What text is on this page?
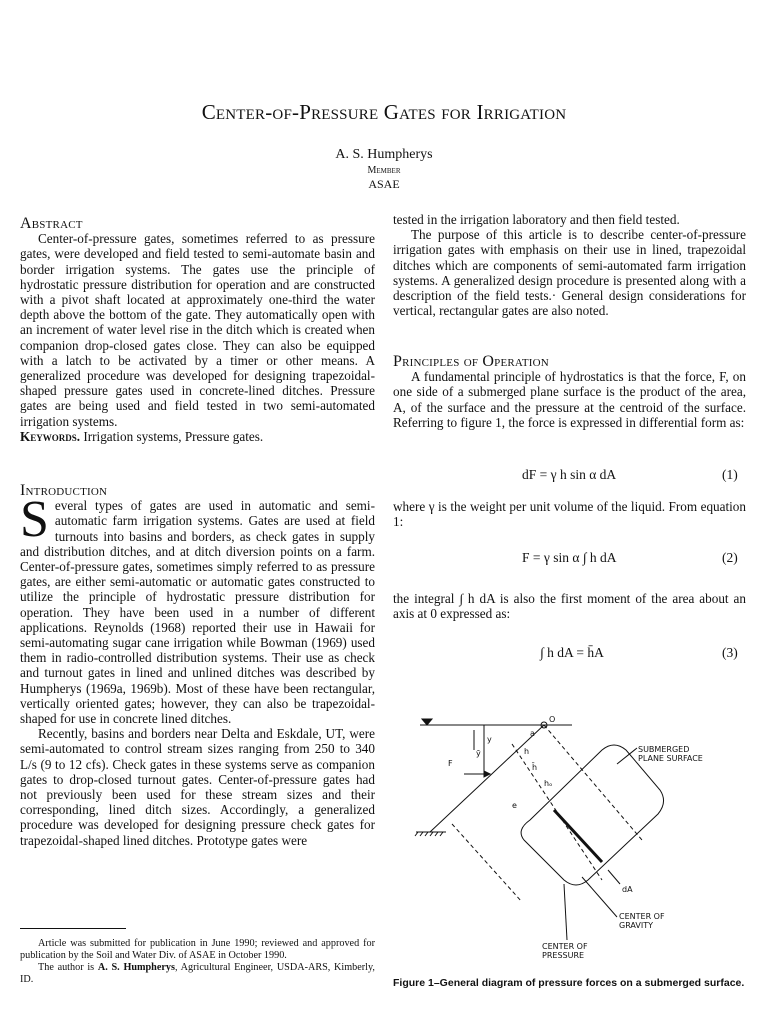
Center-of-Pressure Gates for Irrigation
A. S. Humpherys
Member
ASAE
Abstract

Center-of-pressure gates, sometimes referred to as pressure gates, were developed and field tested to semi-automate basin and border irrigation systems. The gates use the principle of hydrostatic pressure distribution for operation and are constructed with a pivot shaft located at approximately one-third the water depth above the bottom of the gate. They automatically open with an increment of water level rise in the ditch which is created when companion drop-closed gates close. They can also be equipped with a latch to be activated by a timer or other means. A generalized procedure was developed for designing trapezoidal-shaped pressure gates used in concrete-lined ditches. Pressure gates are being used and field tested in two semi-automated irrigation systems.

Keywords. Irrigation systems, Pressure gates.

Introduction

Several types of gates are used in automatic and semi-automatic farm irrigation systems. Gates are used at field turnouts into basins and borders, as check gates in supply and distribution ditches, and at ditch diversion points on a farm. Center-of-pressure gates, sometimes simply referred to as pressure gates, are either semi-automatic or automatic gates constructed to utilize the principle of hydrostatic pressure distribution for operation. They have been used in a number of different applications. Reynolds (1968) reported their use in Hawaii for semi-automating sugar cane irrigation while Bowman (1969) used them in radio-controlled distribution systems. Their use as check and turnout gates in lined and unlined ditches was described by Humpherys (1969a, 1969b). Most of these have been rectangular, vertically oriented gates; however, they can also be trapezoidal-shaped for use in concrete lined ditches.

Recently, basins and borders near Delta and Eskdale, UT, were semi-automated to control stream sizes ranging from 250 to 340 L/s (9 to 12 cfs). Check gates in these systems serve as companion gates to drop-closed turnout gates. Center-of-pressure gates had not previously been used for these stream sizes and their corresponding, lined ditch sizes. Accordingly, a generalized procedure was developed for designing pressure check gates for trapezoidal-shaped lined ditches. Prototype gates were

Article was submitted for publication in June 1990; reviewed and approved for publication by the Soil and Water Div. of ASAE in October 1990.

The author is A. S. Humpherys, Agricultural Engineer, USDA-ARS, Kimberly, ID.

tested in the irrigation laboratory and then field tested.

The purpose of this article is to describe center-of-pressure irrigation gates with emphasis on their use in lined, trapezoidal ditches which are components of semi-automated farm irrigation systems. A generalized design procedure is presented along with a description of the field tests.· General design considerations for vertical, rectangular gates are also noted.

Principles of Operation

A fundamental principle of hydrostatics is that the force, F, on one side of a submerged plane surface is the product of the area, A, of the surface and the pressure at the centroid of the surface. Referring to figure 1, the force is expressed in differential form as:

dF = γ h sin α dA	(1)

where γ is the weight per unit volume of the liquid. From equation 1:

F = γ sin α ∫ h dA	(2)

the integral ∫ h dA is also the first moment of the area about an axis at 0 expressed as:

∫ h dA = h̄A	(3)
SUBMERGED
PLANE SURFACE
dA
CENTER OF
GRAVITY
CENTER OF
PRESSURE
F
y
ȳ	h
h̄
hₒ
a
e
O
Figure 1–General diagram of pressure forces on a submerged surface.
